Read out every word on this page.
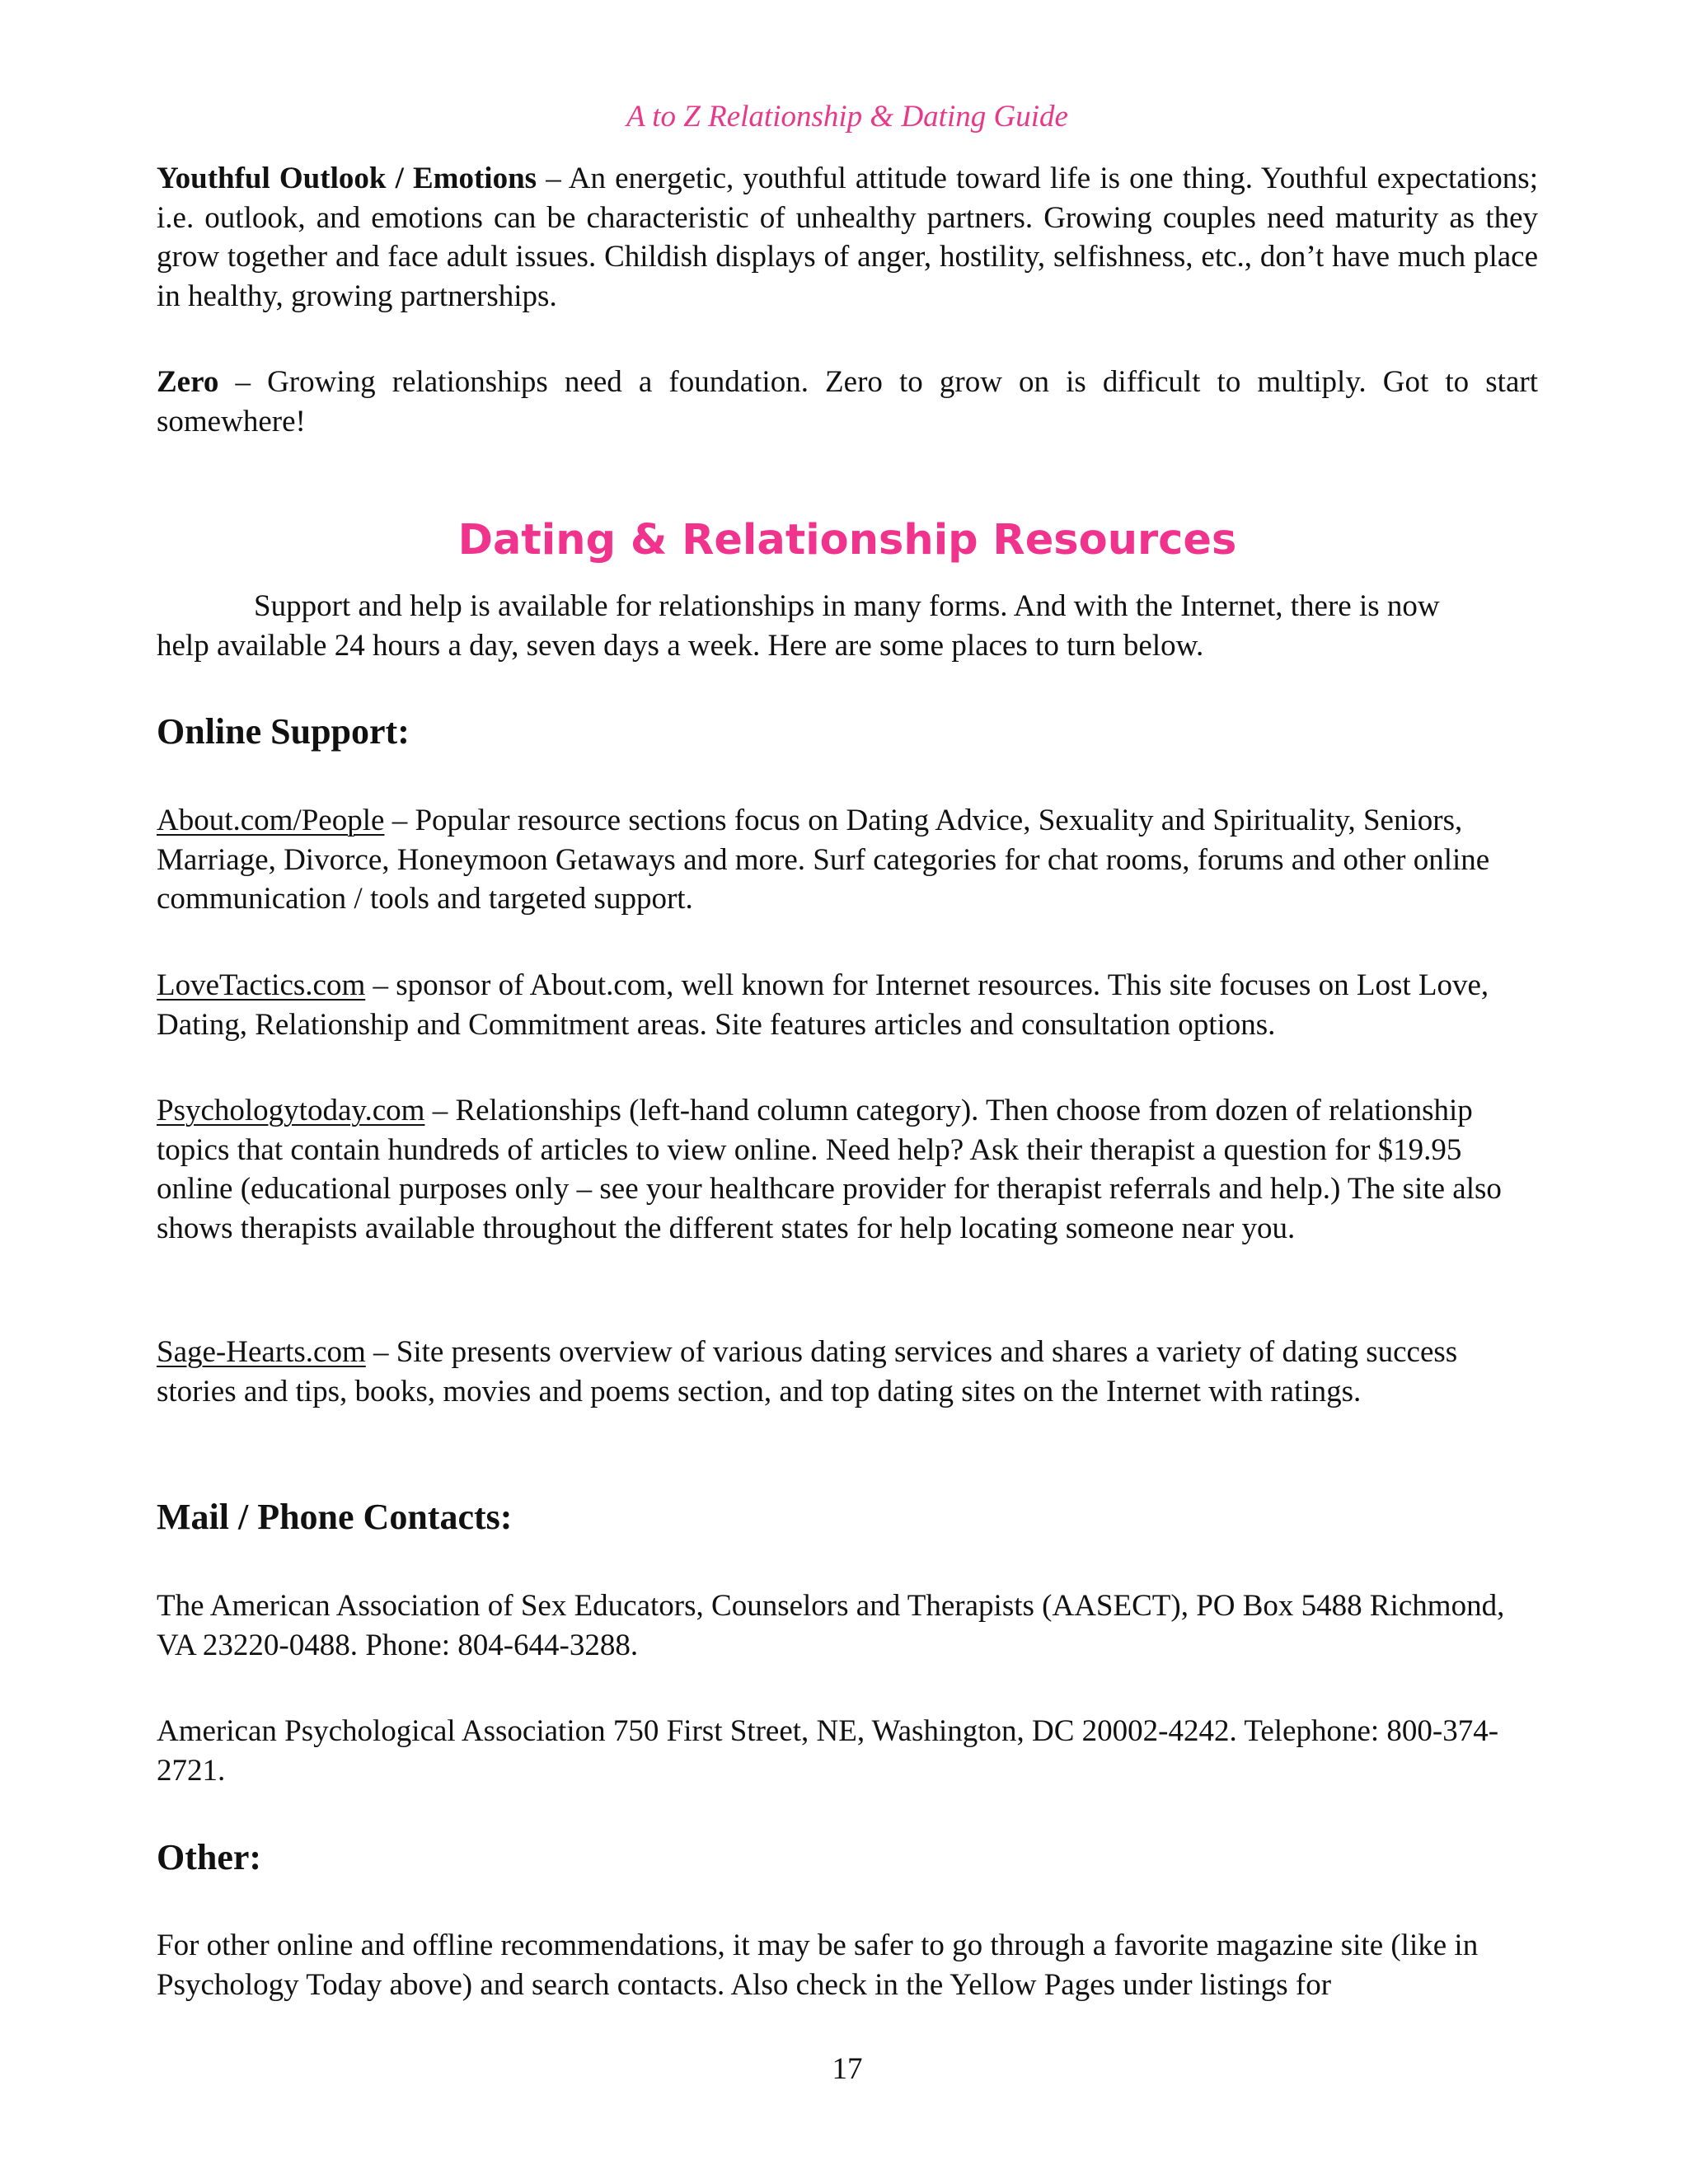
A to Z Relationship & Dating Guide

Youthful Outlook / Emotions – An energetic, youthful attitude toward life is one thing. Youthful expectations; i.e. outlook, and emotions can be characteristic of unhealthy partners. Growing couples need maturity as they grow together and face adult issues. Childish displays of anger, hostility, selfishness, etc., don’t have much place in healthy, growing partnerships.

Zero – Growing relationships need a foundation. Zero to grow on is difficult to multiply. Got to start somewhere!

Dating & Relationship Resources

Support and help is available for relationships in many forms. And with the Internet, there is now help available 24 hours a day, seven days a week. Here are some places to turn below.

Online Support:

About.com/People – Popular resource sections focus on Dating Advice, Sexuality and Spirituality, Seniors, Marriage, Divorce, Honeymoon Getaways and more. Surf categories for chat rooms, forums and other online communication / tools and targeted support.

LoveTactics.com – sponsor of About.com, well known for Internet resources. This site focuses on Lost Love, Dating, Relationship and Commitment areas. Site features articles and consultation options.

Psychologytoday.com – Relationships (left-hand column category). Then choose from dozen of relationship topics that contain hundreds of articles to view online. Need help? Ask their therapist a question for $19.95 online (educational purposes only – see your healthcare provider for therapist referrals and help.) The site also shows therapists available throughout the different states for help locating someone near you.

Sage-Hearts.com – Site presents overview of various dating services and shares a variety of dating success stories and tips, books, movies and poems section, and top dating sites on the Internet with ratings.

Mail / Phone Contacts:

The American Association of Sex Educators, Counselors and Therapists (AASECT), PO Box 5488 Richmond, VA 23220-0488. Phone: 804-644-3288.

American Psychological Association 750 First Street, NE, Washington, DC 20002-4242. Telephone: 800-374-2721.

Other:

For other online and offline recommendations, it may be safer to go through a favorite magazine site (like in Psychology Today above) and search contacts. Also check in the Yellow Pages under listings for

17
